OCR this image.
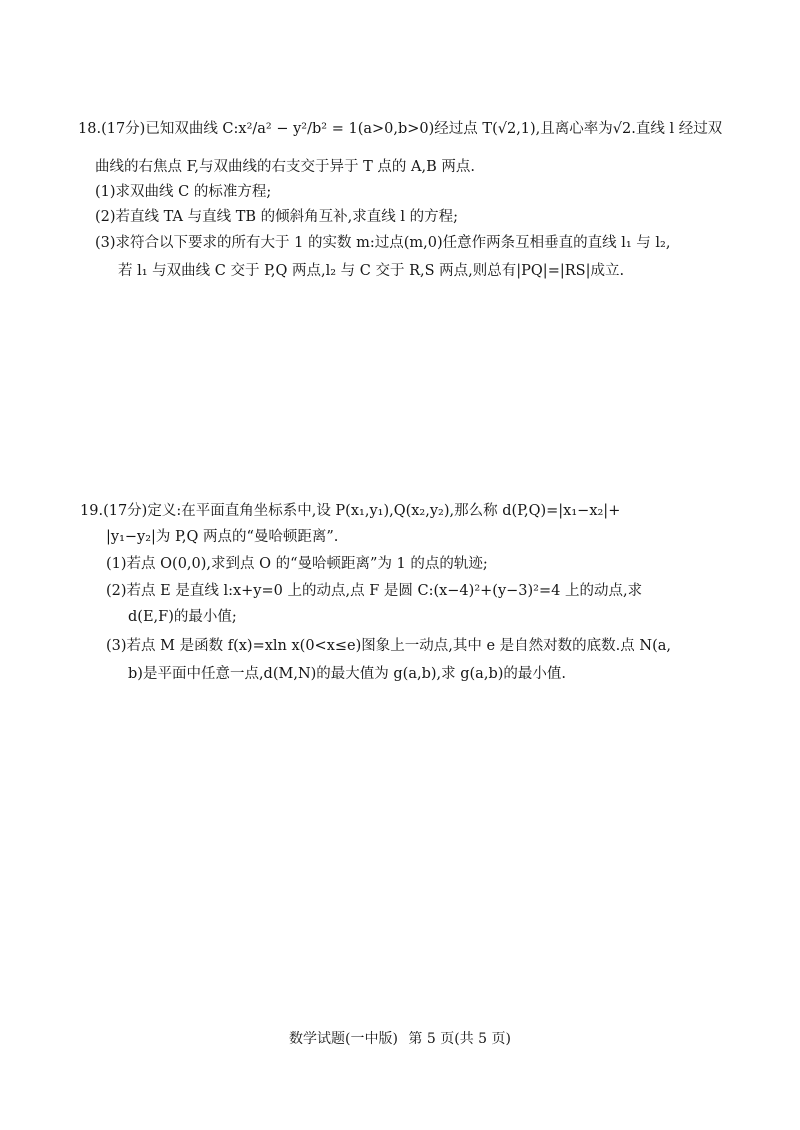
18.(17分)已知双曲线 C:x²/a² − y²/b² = 1(a>0,b>0)经过点 T(√2,1),且离心率为√2.直线 l 经过双
曲线的右焦点 F,与双曲线的右支交于异于 T 点的 A,B 两点.
(1)求双曲线 C 的标准方程;
(2)若直线 TA 与直线 TB 的倾斜角互补,求直线 l 的方程;
(3)求符合以下要求的所有大于 1 的实数 m:过点(m,0)任意作两条互相垂直的直线 l₁ 与 l₂,
若 l₁ 与双曲线 C 交于 P,Q 两点,l₂ 与 C 交于 R,S 两点,则总有|PQ|=|RS|成立.
19.(17分)定义:在平面直角坐标系中,设 P(x₁,y₁),Q(x₂,y₂),那么称 d(P,Q)=|x₁−x₂|+
|y₁−y₂|为 P,Q 两点的“曼哈顿距离”.
(1)若点 O(0,0),求到点 O 的“曼哈顿距离”为 1 的点的轨迹;
(2)若点 E 是直线 l:x+y=0 上的动点,点 F 是圆 C:(x−4)²+(y−3)²=4 上的动点,求
d(E,F)的最小值;
(3)若点 M 是函数 f(x)=xln x(0<x≤e)图象上一动点,其中 e 是自然对数的底数.点 N(a,
b)是平面中任意一点,d(M,N)的最大值为 g(a,b),求 g(a,b)的最小值.
数学试题(一中版) 第 5 页(共 5 页)
